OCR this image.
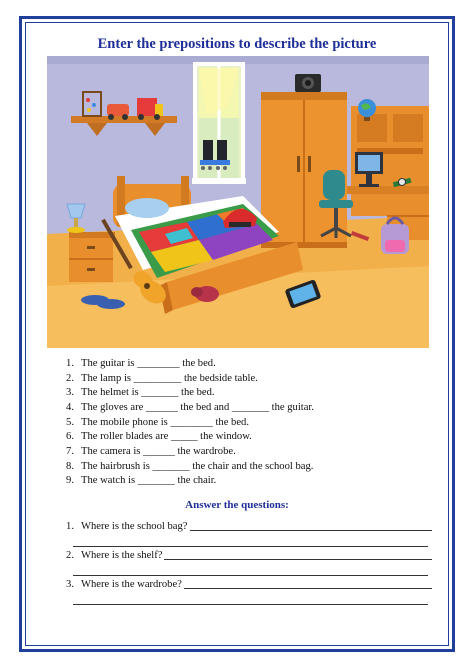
Enter the prepositions to describe the picture
1. The guitar is ________ the bed.
2. The lamp is _________ the bedside table.
3. The helmet is _______ the bed.
4. The gloves are ______ the bed and _______ the guitar.
5. The mobile phone is ________ the bed.
6. The roller blades are _____ the window.
7. The camera is ______ the wardrobe.
8. The hairbrush is _______ the chair and the school bag.
9. The watch is _______ the chair.
Answer the questions:
1. Where is the school bag?
2. Where is the shelf?
3. Where is the wardrobe?
